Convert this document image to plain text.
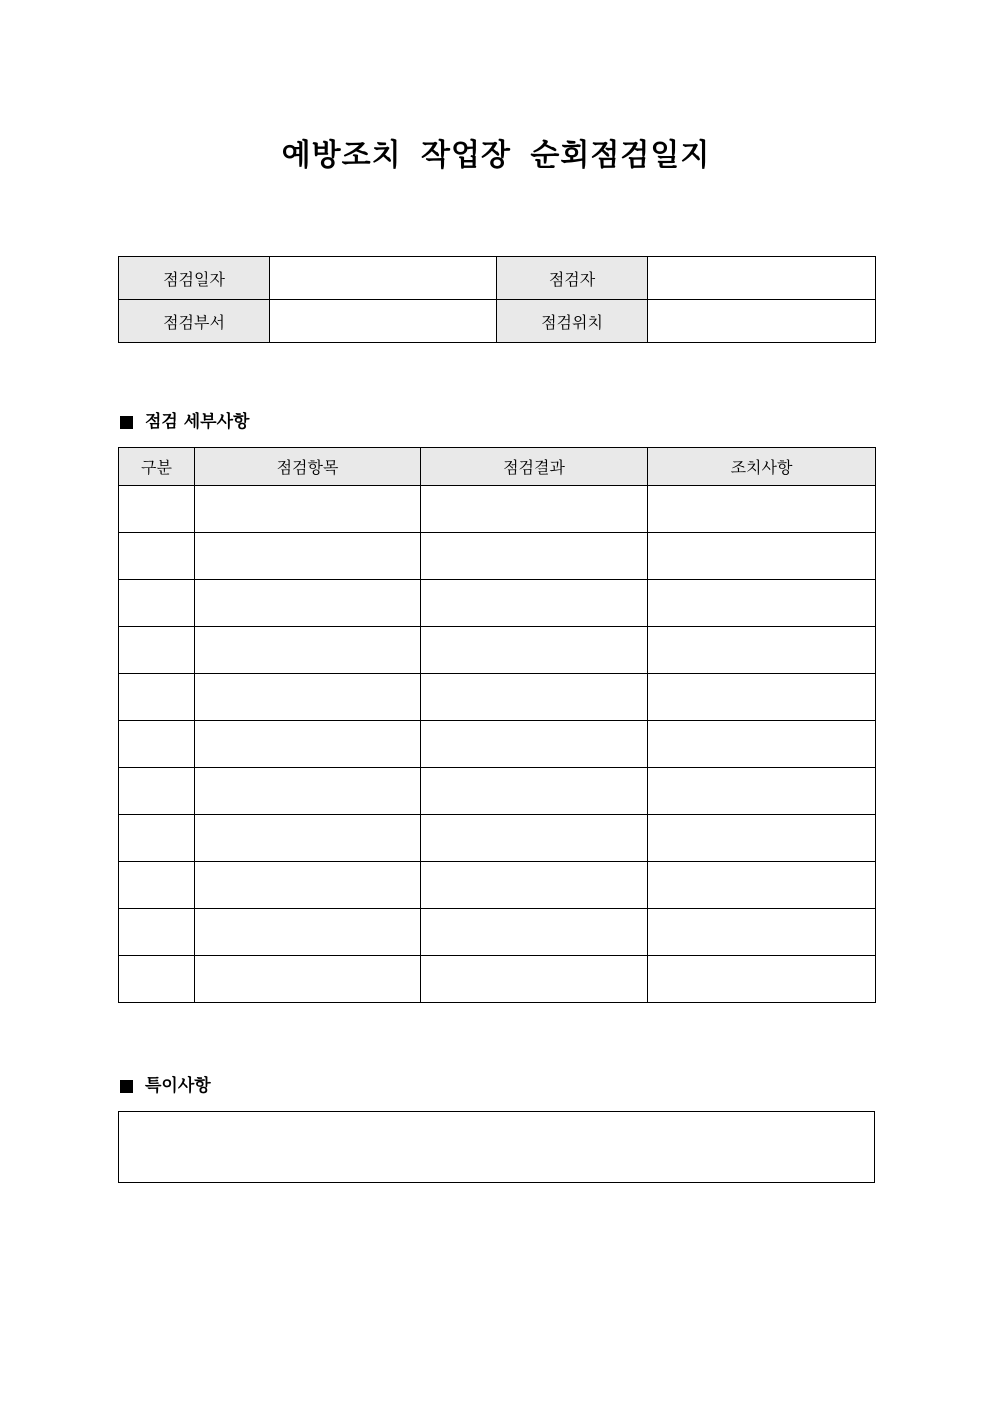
예방조치 작업장 순회점검일지
점검일자		점검자	
점검부서		점검위치	
점검 세부사항
구분	점검항목	점검결과	조치사항

특이사항
